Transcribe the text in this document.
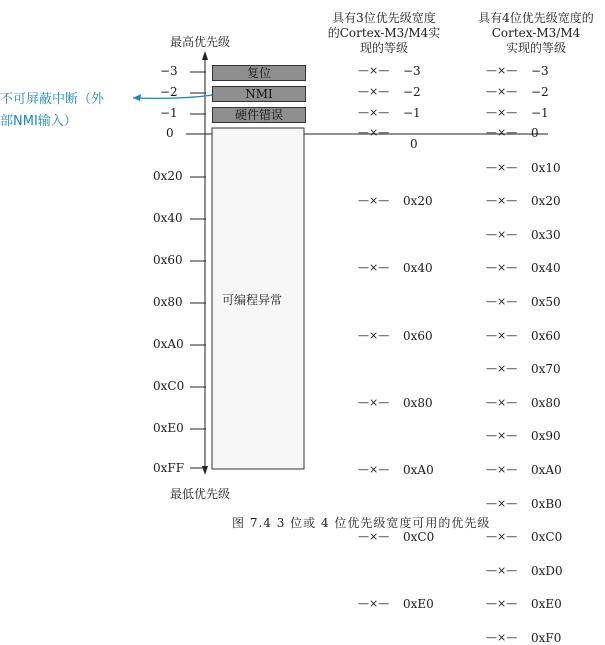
具有3位优先级宽度
的Cortex-M3/M4实
现的等级
具有4位优先级宽度的
Cortex-M3/M4
实现的等级
最高优先级
最低优先级
−3
−2
−1
0
0x20
0x40
0x60
0x80
0xA0
0xC0
0xE0
0xFF
复位
NMI
硬件错误
可编程异常
不可屏蔽中断（外
部NMI输入）
—×— −3
—×— −2
—×— −1
—×—
0
—×— 0x20
—×— 0x40
—×— 0x60
—×— 0x80
—×— 0xA0
—×— 0xC0
—×— 0xE0
—×— −3
—×— −2
—×— −1
—×— 0
—×— 0x10
—×— 0x20
—×— 0x30
—×— 0x40
—×— 0x50
—×— 0x60
—×— 0x70
—×— 0x80
—×— 0x90
—×— 0xA0
—×— 0xB0
—×— 0xC0
—×— 0xD0
—×— 0xE0
—×— 0xF0
图 7.4 3 位或 4 位优先级宽度可用的优先级
